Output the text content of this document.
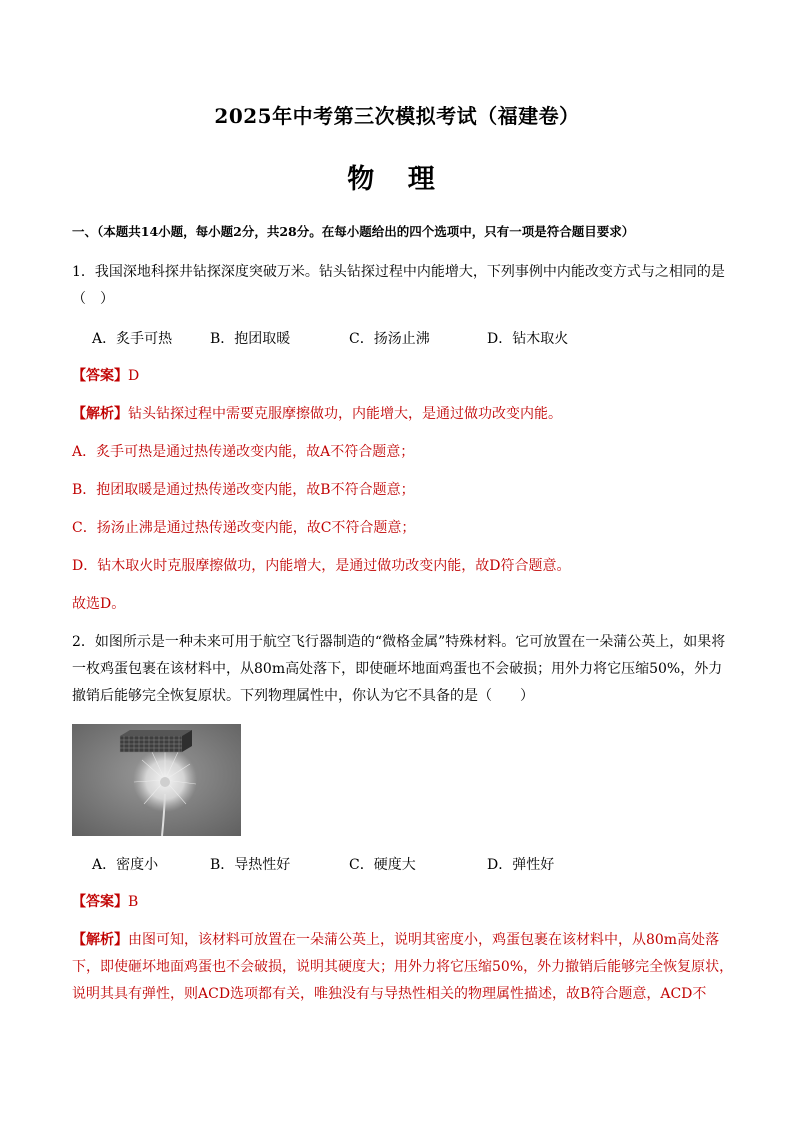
2025年中考第三次模拟考试（福建卷）
物 理
一、（本题共14小题，每小题2分，共28分。在每小题给出的四个选项中，只有一项是符合题目要求）
1．我国深地科探井钻探深度突破万米。钻头钻探过程中内能增大，下列事例中内能改变方式与之相同的是
（　）
A．炙手可热	B．抱团取暖	C．扬汤止沸	D．钻木取火
【答案】D
【解析】钻头钻探过程中需要克服摩擦做功，内能增大，是通过做功改变内能。
A．炙手可热是通过热传递改变内能，故A不符合题意；
B．抱团取暖是通过热传递改变内能，故B不符合题意；
C．扬汤止沸是通过热传递改变内能，故C不符合题意；
D．钻木取火时克服摩擦做功，内能增大，是通过做功改变内能，故D符合题意。
故选D。
2．如图所示是一种未来可用于航空飞行器制造的“微格金属”特殊材料。它可放置在一朵蒲公英上，如果将
一枚鸡蛋包裹在该材料中，从80m高处落下，即使砸坏地面鸡蛋也不会破损；用外力将它压缩50%，外力
撤销后能够完全恢复原状。下列物理属性中，你认为它不具备的是（　　）
A．密度小	B．导热性好	C．硬度大	D．弹性好
【答案】B
【解析】由图可知，该材料可放置在一朵蒲公英上，说明其密度小，鸡蛋包裹在该材料中，从80m高处落
下，即使砸坏地面鸡蛋也不会破损，说明其硬度大；用外力将它压缩50%，外力撤销后能够完全恢复原状，
说明其具有弹性，则ACD选项都有关，唯独没有与导热性相关的物理属性描述，故B符合题意，ACD不
